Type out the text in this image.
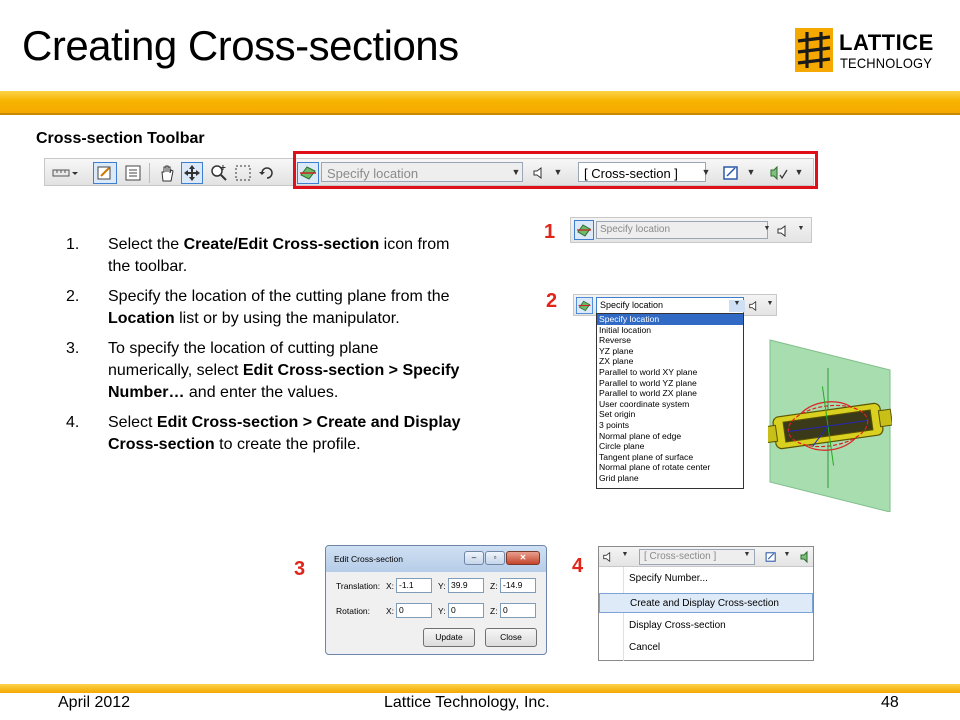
Creating Cross-sections	LATTICE
TECHNOLOGY
Cross-section Toolbar
Specify location	▼	▼	[ Cross-section ]	▼	▼	▼
1. Select the Create/Edit Cross-section icon from the toolbar.
2. Specify the location of the cutting plane from the Location list or by using the manipulator.
3. To specify the location of cutting plane numerically, select Edit Cross-section > Specify Number… and enter the values.
4. Select Edit Cross-section > Create and Display Cross-section to create the profile.
1
2
3	4
Specify location	▼	▼
Specify location	▼	▼
Specify location
Initial location
Reverse
YZ plane
ZX plane
Parallel to world XY plane
Parallel to world YZ plane
Parallel to world ZX plane
User coordinate system
Set origin
3 points
Normal plane of edge
Circle plane
Tangent plane of surface
Normal plane of rotate center
Grid plane
Edit Cross-section	– ▫	✕
Translation: X: -1.1	Y: 39.9	Z: -14.9
Rotation: X: 0	Y: 0	Z: 0
Update	Close
▼	[ Cross-section ]	▼	▼
Specify Number...
Create and Display Cross-section
Display Cross-section
Cancel
April 2012	Lattice Technology, Inc.	48
